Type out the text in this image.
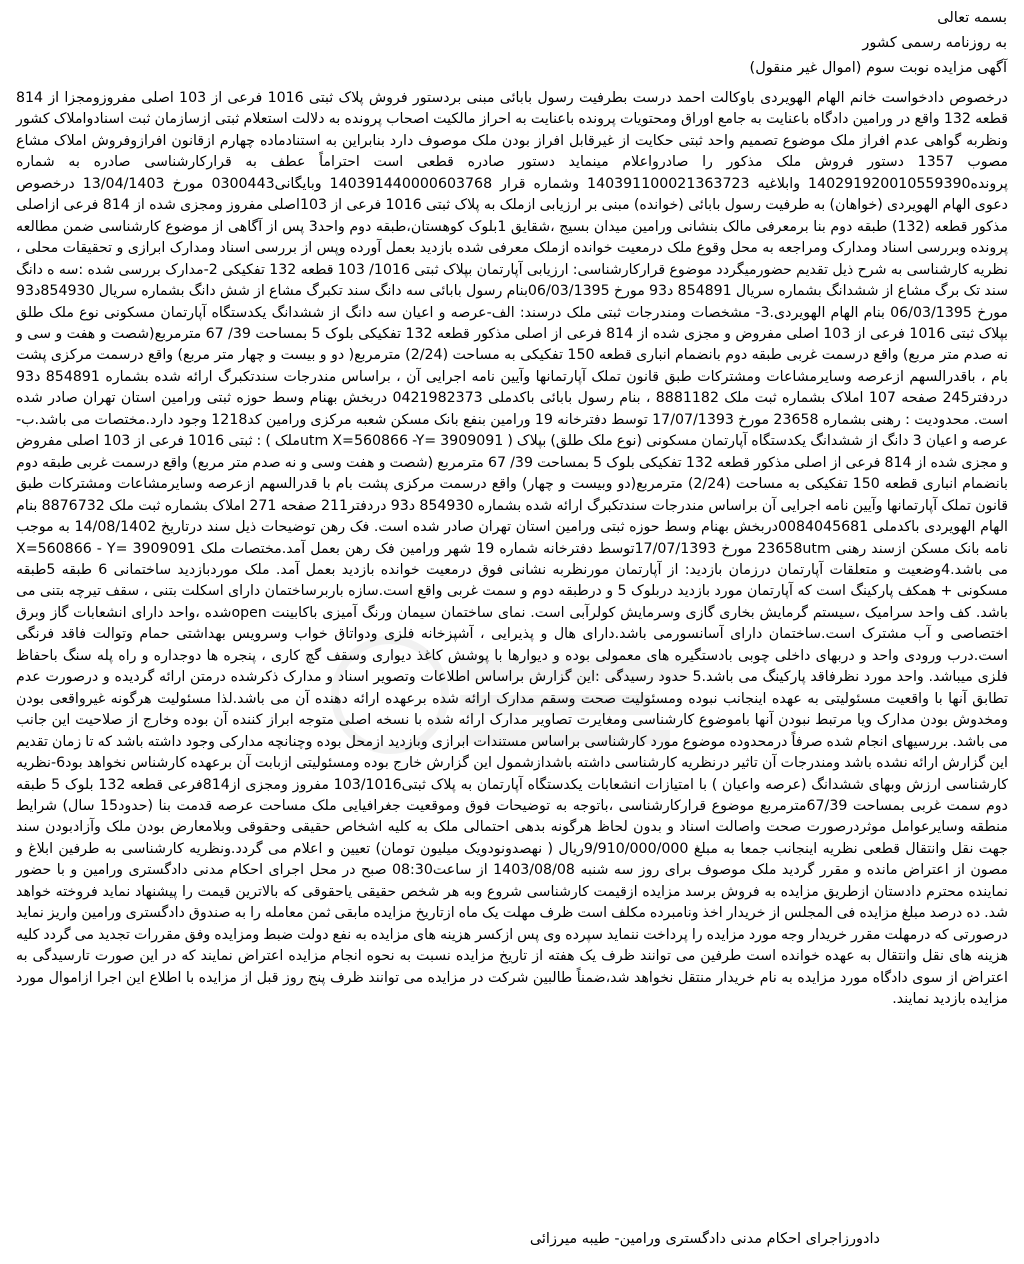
بسمه تعالی
به روزنامه رسمی کشور
آگهی مزایده نوبت سوم (اموال غیر منقول)

درخصوص دادخواست خانم الهام الهویردی باوکالت احمد درست بطرفیت رسول بابائی مبنی بردستور فروش پلاک ثبتی 1016 فرعی از 103 اصلی مفروزومجزا از 814 قطعه 132 واقع در ورامین دادگاه باعنایت به جامع اوراق ومحتویات پرونده باعنایت به احراز مالکیت اصحاب پرونده به دلالت استعلام ثبتی ازسازمان ثبت اسنادواملاک کشور ونظربه گواهی عدم افراز ملک موضوع تصمیم واحد ثبتی حکایت از غیرقابل افراز بودن ملک موصوف دارد بنابراین به استنادماده چهارم ازقانون افرازوفروش املاک مشاع مصوب 1357 دستور فروش ملک مذکور را صادرواعلام مینماید دستور صادره قطعی است احتراماً عطف به قرارکارشناسی صادره به شماره پرونده140291920010559390 وابلاغیه 140391100021363723 وشماره قرار 140391440000603768 وبایگانی0300443 مورخ 13/04/1403 درخصوص دعوی الهام الهویردی (خواهان) به طرفیت رسول بابائی (خوانده) مبنی بر ارزیابی ازملک به پلاک ثبتی 1016 فرعی از 103اصلی مفروز ومجزی شده از 814 فرعی ازاصلی مذکور قطعه (132) طبقه دوم بنا برمعرفی مالک بنشانی ورامین میدان بسیج ،شقایق 1بلوک کوهستان،طبقه دوم واحد3 پس از آگاهی از موضوع کارشناسی ضمن مطالعه پرونده وبررسی اسناد ومدارک ومراجعه به محل وقوع ملک درمعیت خوانده ازملک معرفی شده بازدید بعمل آورده وپس از بررسی اسناد ومدارک ابرازی و تحقیقات محلی ، نظریه کارشناسی به شرح ذیل تقدیم حضورمیگردد موضوع قرارکارشناسی: ارزیابی آپارتمان بپلاک ثبتی 1016/ 103 قطعه 132 تفکیکی 2-مدارک بررسی شده :سه ه دانگ سند تک برگ مشاع از ششدانگ بشماره سریال 854891 د93 مورخ 06/03/1395بنام رسول بابائی سه دانگ سند تکبرگ مشاع از شش دانگ بشماره سریال 854930د93 مورخ 06/03/1395 بنام الهام الهویردی.3- مشخصات ومندرجات ثبتی ملک درسند: الف-عرصه و اعیان سه دانگ از ششدانگ یکدستگاه آپارتمان مسکونی نوع ملک طلق بپلاک ثبتی 1016 فرعی از 103 اصلی مفروض و مجزی شده از 814 فرعی از اصلی مذکور قطعه 132 تفکیکی بلوک 5 بمساحت 39/ 67 مترمربع(شصت و هفت و سی و نه صدم متر مربع) واقع درسمت غربی طبقه دوم بانضمام انباری قطعه 150 تفکیکی به مساحت (2/24) مترمربع( دو و بیست و چهار متر مربع) واقع درسمت مرکزی پشت بام ، باقدرالسهم ازعرصه وسایرمشاعات ومشترکات طبق قانون تملک آپارتمانها وآیین نامه اجرایی آن ، براساس مندرجات سندتکبرگ ارائه شده بشماره 854891 د93 دردفتر245 صفحه 107 املاک بشماره ثبت ملک 8881182 ، بنام رسول بابائی باکدملی 0421982373 دربخش بهنام وسط حوزه ثبتی ورامین استان تهران صادر شده است. محدودیت : رهنی بشماره 23658 مورخ 17/07/1393 توسط دفترخانه 19 ورامین بنفع بانک مسکن شعبه مرکزی ورامین کد1218 وجود دارد.مختصات می باشد.ب- عرصه و اعیان 3 دانگ از ششدانگ یکدستگاه آپارتمان مسکونی (نوع ملک طلق) بپلاک ( utm X=560866 -Y= 3909091ملک ) : ثبتی 1016 فرعی از 103 اصلی مفروض و مجزی شده از 814 فرعی از اصلی مذکور قطعه 132 تفکیکی بلوک 5 بمساحت 39/ 67 مترمربع (شصت و هفت وسی و نه صدم متر مربع) واقع درسمت غربی طبقه دوم بانضمام انباری قطعه 150 تفکیکی به مساحت (2/24) مترمربع(دو وبیست و چهار) واقع درسمت مرکزی پشت بام با قدرالسهم ازعرصه وسایرمشاعات ومشترکات طبق قانون تملک آپارتمانها وآیین نامه اجرایی آن براساس مندرجات سندتکبرگ ارائه شده بشماره 854930 د93 دردفتر211 صفحه 271 املاک بشماره ثبت ملک 8876732 بنام الهام الهویردی باکدملی 0084045681دربخش بهنام وسط حوزه ثبتی ورامین استان تهران صادر شده است. فک رهن توضیحات ذیل سند درتاریخ 14/08/1402 به موجب نامه بانک مسکن ازسند رهنی 23658utm مورخ 17/07/1393توسط دفترخانه شماره 19 شهر ورامین فک رهن بعمل آمد.مختصات ملک X=560866 - Y= 3909091 می باشد.4وضعیت و متعلقات آپارتمان درزمان بازدید: از آپارتمان مورنظربه نشانی فوق درمعیت خوانده بازدید بعمل آمد. ملک موردبازدید ساختمانی 6 طبقه 5طبقه مسکونی + همکف پارکینگ است که آپارتمان مورد بازدید دربلوک 5 و درطبقه دوم و سمت غربی واقع است.سازه باربرساختمان دارای اسکلت بتنی ، سقف تیرچه بتنی می باشد. کف واحد سرامیک ،سیستم گرمایش بخاری گازی وسرمایش کولرآبی است. نمای ساختمان سیمان ورنگ آمیزی باکابینت openشده ،واحد دارای انشعابات گاز وبرق اختصاصی و آب مشترک است.ساختمان دارای آسانسورمی باشد.دارای هال و پذیرایی ، آشپزخانه فلزی ودواتاق خواب وسرویس بهداشتی حمام وتوالت فاقد فرنگی است.درب ورودی واحد و دربهای داخلی چوبی بادستگیره های معمولی بوده و دیوارها با پوشش کاغذ دیواری وسقف گچ کاری ، پنجره ها دوجداره و راه پله سنگ باحفاظ فلزی میباشد. واحد مورد نظرفاقد پارکینگ می باشد.5 حدود رسیدگی :این گزارش براساس اطلاعات وتصویر اسناد و مدارک ذکرشده درمتن ارائه گردیده و درصورت عدم تطابق آنها با واقعیت مسئولیتی به عهده اینجانب نبوده ومسئولیت صحت وسقم مدارک ارائه شده برعهده ارائه دهنده آن می باشد.لذا مسئولیت هرگونه غیرواقعی بودن ومخدوش بودن مدارک ویا مرتبط نبودن آنها باموضوع کارشناسی ومغایرت تصاویر مدارک ارائه شده با نسخه اصلی متوجه ابراز کننده آن بوده وخارج از صلاحیت این جانب می باشد. بررسیهای انجام شده صرفاً درمحدوده موضوع مورد کارشناسی براساس مستندات ابرازی وبازدید ازمحل بوده وچنانچه مدارکی وجود داشته باشد که تا زمان تقدیم این گزارش ارائه نشده باشد ومندرجات آن تاثیر درنظریه کارشناسی داشته باشدازشمول این گزارش خارج بوده ومسئولیتی ازبابت آن برعهده کارشناس نخواهد بود6-نظریه کارشناسی ارزش وبهای ششدانگ (عرصه واعیان ) با امتیازات انشعابات یکدستگاه آپارتمان به پلاک ثبتی103/1016 مفروز ومجزی از814فرعی قطعه 132 بلوک 5 طبقه دوم سمت غربی بمساحت 67/39مترمربع موضوع قرارکارشناسی ،باتوجه به توضیحات فوق وموقعیت جغرافیایی ملک مساحت عرصه قدمت بنا (حدود15 سال) شرایط منطقه وسایرعوامل موثردرصورت صحت واصالت اسناد و بدون لحاظ هرگونه بدهی احتمالی ملک به کلیه اشخاص حقیقی وحقوقی وبلامعارض بودن ملک وآزادبودن سند جهت نقل وانتقال قطعی نظریه اینجانب جمعا به مبلغ 9/910/000/000ریال ( نهصدونودویک میلیون تومان) تعیین و اعلام می گردد.ونظریه کارشناسی به طرفین ابلاغ و مصون از اعتراض مانده و مقرر گردید ملک موصوف برای روز سه شنبه 1403/08/08 از ساعت08:30 صبح در محل اجرای احکام مدنی دادگستری ورامین و با حضور نماینده محترم دادستان ازطریق مزایده به فروش برسد مزایده ازقیمت کارشناسی شروع وبه هر شخص حقیقی یاحقوقی که بالاترین قیمت را پیشنهاد نماید فروخته خواهد شد. ده درصد مبلغ مزایده فی المجلس از خریدار اخذ ونامبرده مکلف است ظرف مهلت یک ماه ازتاریخ مزایده مابقی ثمن معامله را به صندوق دادگستری ورامین واریز نماید درصورتی که درمهلت مقرر خریدار وجه مورد مزایده را پرداخت ننماید سپرده وی پس ازکسر هزینه های مزایده به نفع دولت ضبط ومزایده وفق مقررات تجدید می گردد کلیه هزینه های نقل وانتقال به عهده خوانده است طرفین می توانند ظرف یک هفته از تاریخ مزایده نسبت به نحوه انجام مزایده اعتراض نمایند که در این صورت تارسیدگی به اعتراض از سوی دادگاه مورد مزایده به نام خریدار منتقل نخواهد شد،ضمناً طالبین شرکت در مزایده می توانند ظرف پنج روز قبل از مزایده با اطلاع این اجرا ازاموال مورد مزایده بازدید نمایند.

دادورزاجرای احکام مدنی دادگستری ورامین- طیبه میرزائی
